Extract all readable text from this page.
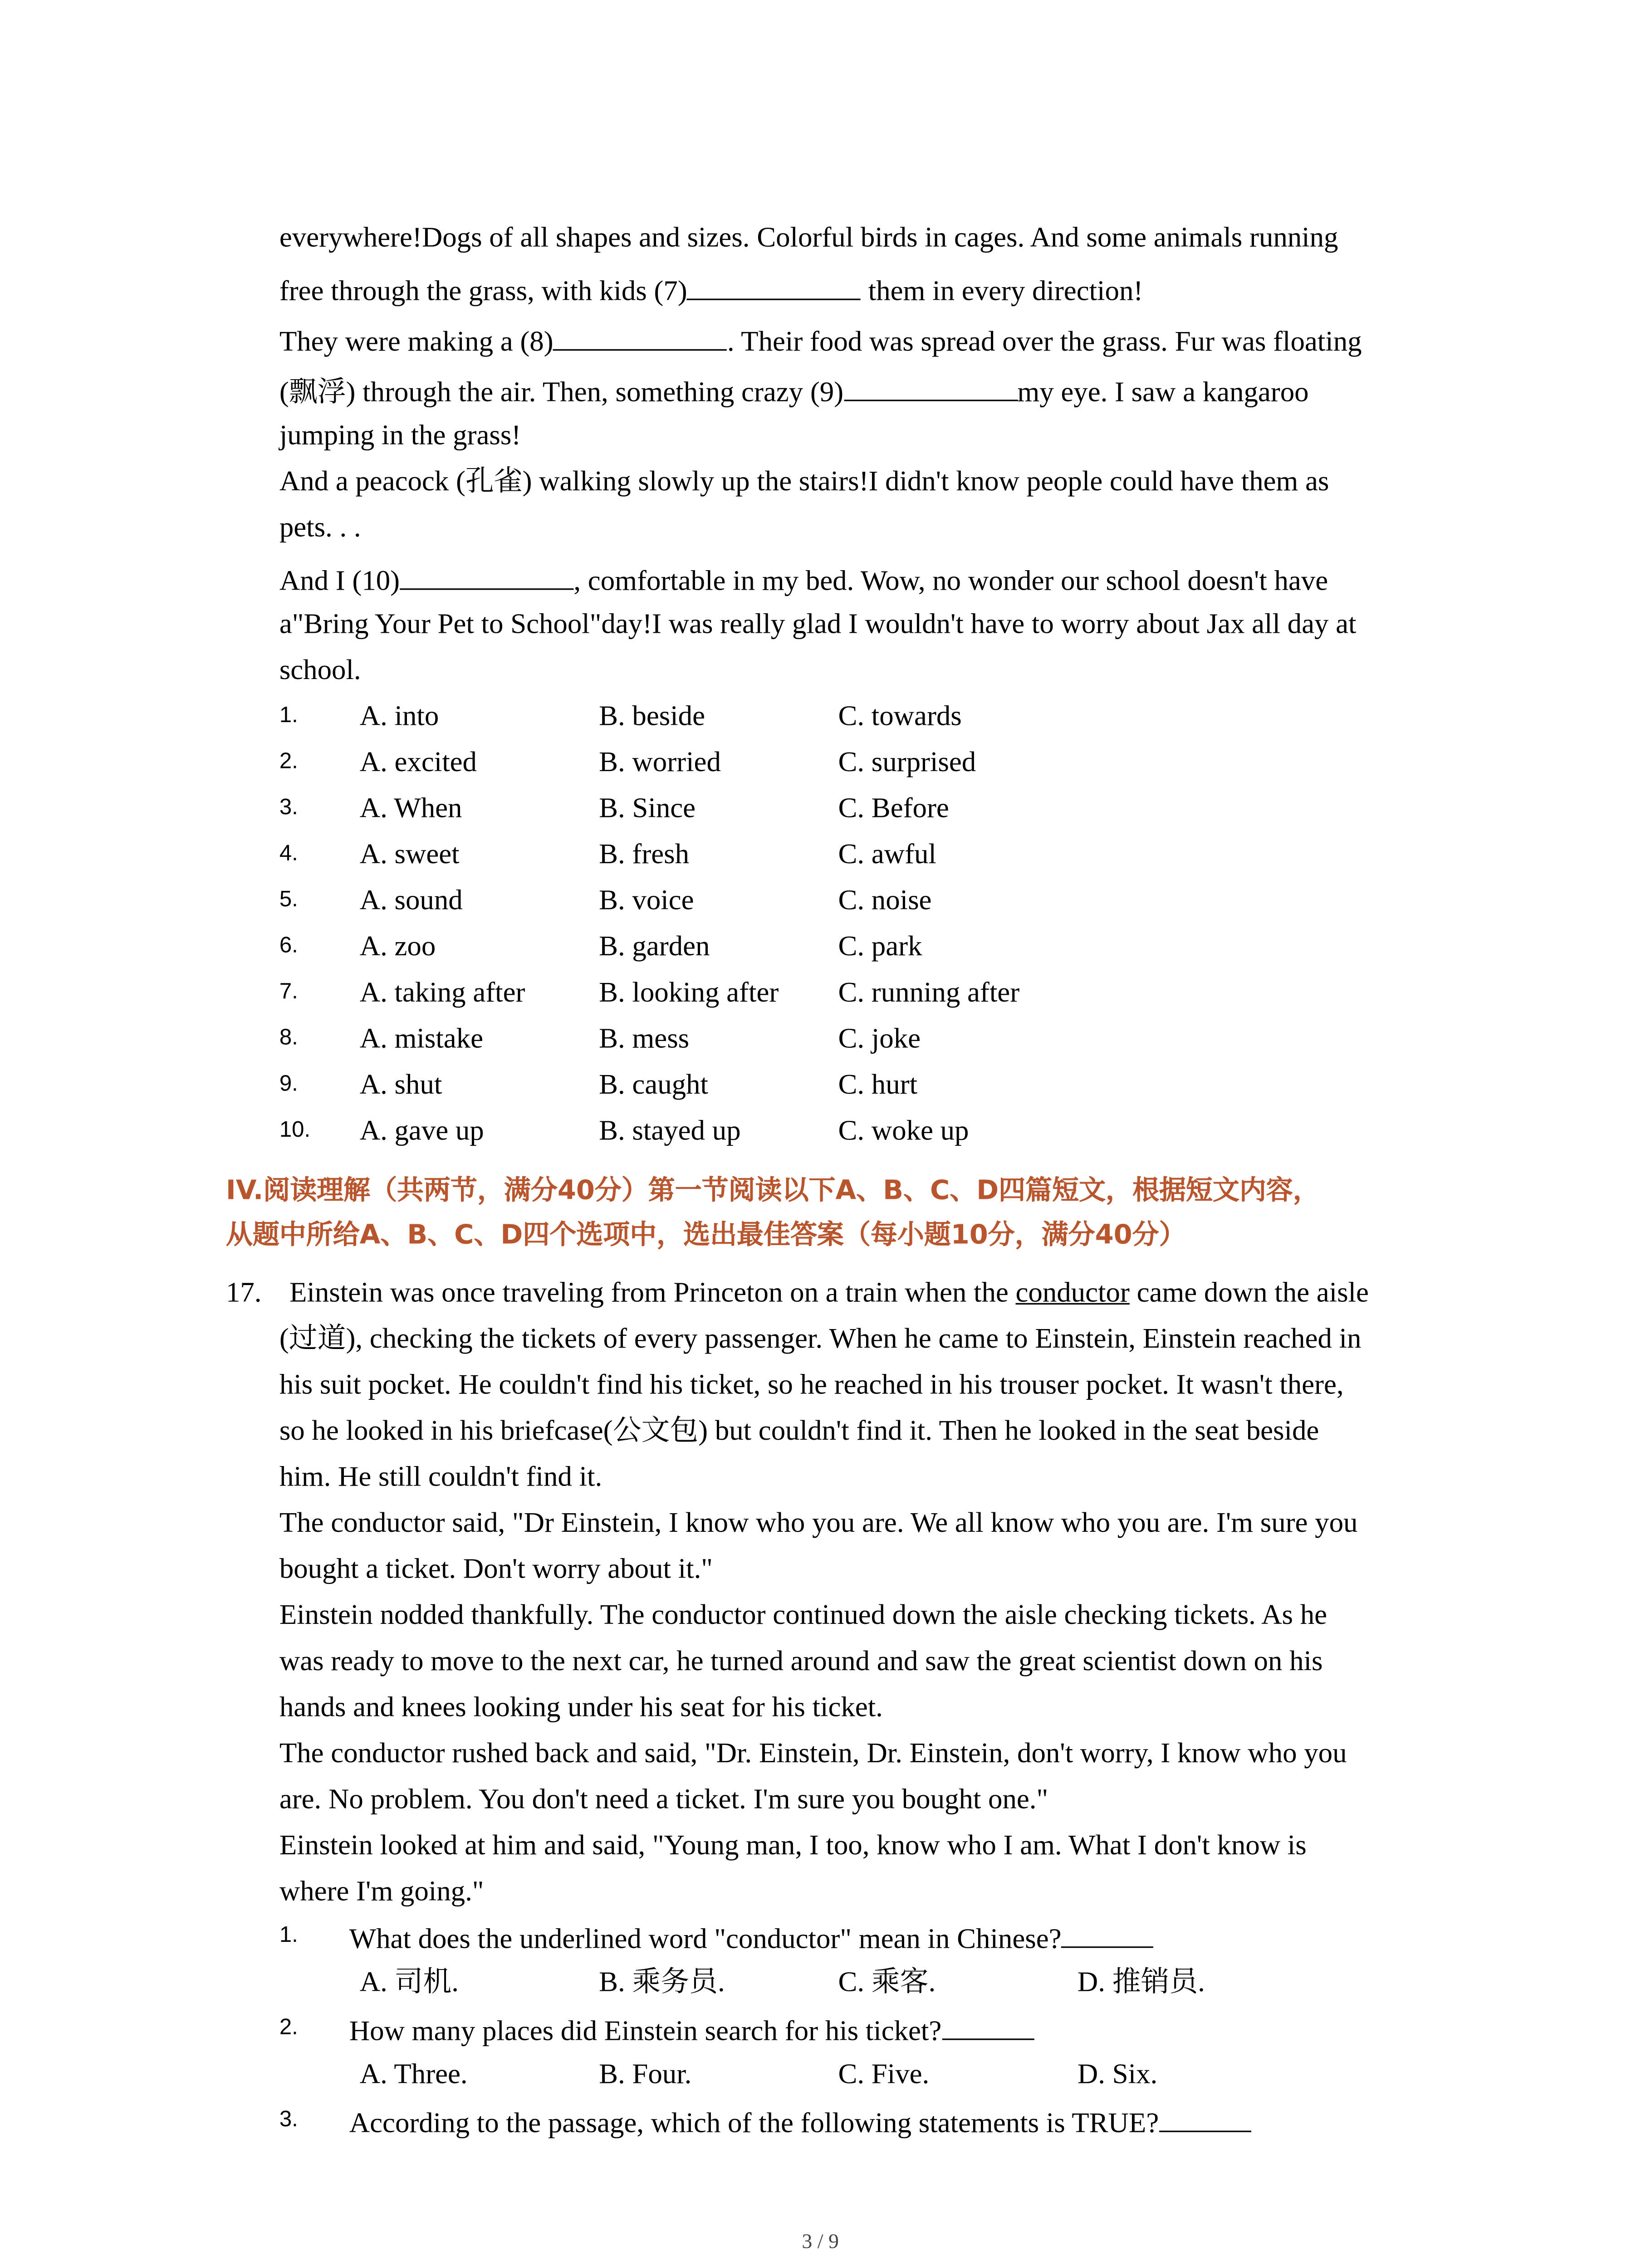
everywhere!Dogs of all shapes and sizes. Colorful birds in cages. And some animals running
free through the grass, with kids (7)	them in every direction!
They were making a (8)	. Their food was spread over the grass. Fur was floating
(飘浮) through the air. Then, something crazy (9)	my eye. I saw a kangaroo
jumping in the grass!
And a peacock (孔雀) walking slowly up the stairs!I didn't know people could have them as
pets. . .
And I (10)	, comfortable in my bed. Wow, no wonder our school doesn't have
a"Bring Your Pet to School"day!I was really glad I wouldn't have to worry about Jax all day at
school.
1.	A. into	B. beside	C. towards
2.	A. excited	B. worried	C. surprised
3.	A. When	B. Since	C. Before
4.	A. sweet	B. fresh	C. awful
5.	A. sound	B. voice	C. noise
6.	A. zoo	B. garden	C. park
7.	A. taking after	B. looking after	C. running after
8.	A. mistake	B. mess	C. joke
9.	A. shut	B. caught	C. hurt
10.	A. gave up	B. stayed up	C. woke up
IV.阅读理解（共两节，满分40分）第一节阅读以下A、B、C、D四篇短文，根据短文内容，
从题中所给A、B、C、D四个选项中，选出最佳答案（每小题10分，满分40分）
17.	Einstein was once traveling from Princeton on a train when the conductor came down the aisle
(过道), checking the tickets of every passenger. When he came to Einstein, Einstein reached in
his suit pocket. He couldn't find his ticket, so he reached in his trouser pocket. It wasn't there,
so he looked in his briefcase(公文包) but couldn't find it. Then he looked in the seat beside
him. He still couldn't find it.
The conductor said, "Dr Einstein, I know who you are. We all know who you are. I'm sure you
bought a ticket. Don't worry about it."
Einstein nodded thankfully. The conductor continued down the aisle checking tickets. As he
was ready to move to the next car, he turned around and saw the great scientist down on his
hands and knees looking under his seat for his ticket.
The conductor rushed back and said, "Dr. Einstein, Dr. Einstein, don't worry, I know who you
are. No problem. You don't need a ticket. I'm sure you bought one."
Einstein looked at him and said, "Young man, I too, know who I am. What I don't know is
where I'm going."
1.	What does the underlined word "conductor" mean in Chinese?
A. 司机.	B. 乘务员.	C. 乘客.	D. 推销员.
2.	How many places did Einstein search for his ticket?
A. Three.	B. Four.	C. Five.	D. Six.
3.	According to the passage, which of the following statements is TRUE?
3 / 9
